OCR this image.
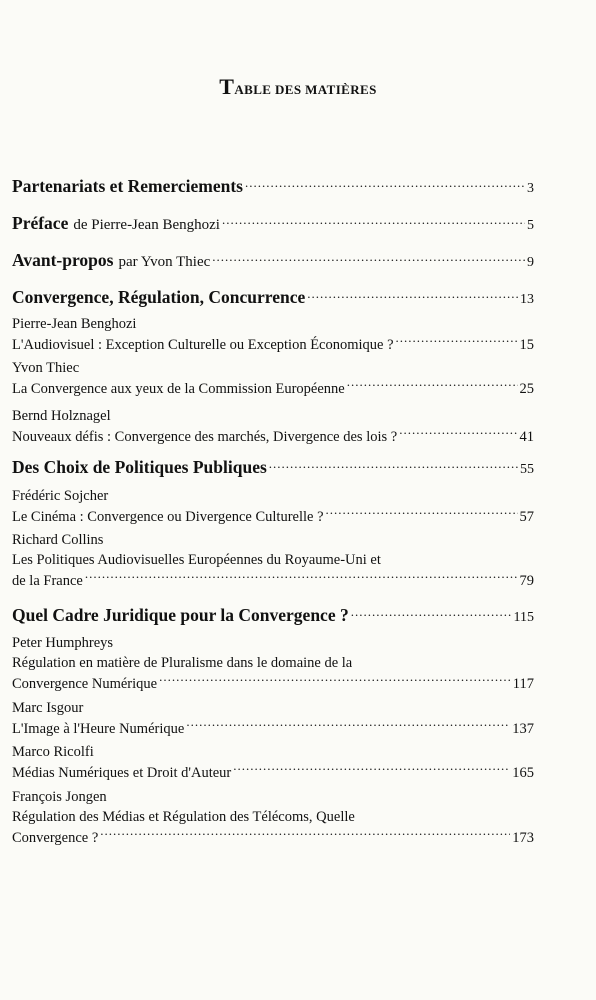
TABLE DES MATIÈRES
Partenariats et Remerciements .....	3
Préface de Pierre-Jean Benghozi .....	5
Avant-propos par Yvon Thiec .....	9
Convergence, Régulation, Concurrence .....	13
Pierre-Jean Benghozi
L'Audiovisuel : Exception Culturelle ou Exception Économique ? .....	15
Yvon Thiec
La Convergence aux yeux de la Commission Européenne .....	25
Bernd Holznagel
Nouveaux défis : Convergence des marchés, Divergence des lois ? .....	41
Des Choix de Politiques Publiques .....	55
Frédéric Sojcher
Le Cinéma : Convergence ou Divergence Culturelle ? .....	57
Richard Collins
Les Politiques Audiovisuelles Européennes du Royaume-Uni et
de la France .....	79
Quel Cadre Juridique pour la Convergence ? .....	115
Peter Humphreys
Régulation en matière de Pluralisme dans le domaine de la
Convergence Numérique .....	117
Marc Isgour
L'Image à l'Heure Numérique .....	137
Marco Ricolfi
Médias Numériques et Droit d'Auteur .....	165
François Jongen
Régulation des Médias et Régulation des Télécoms, Quelle
Convergence ? .....	173
